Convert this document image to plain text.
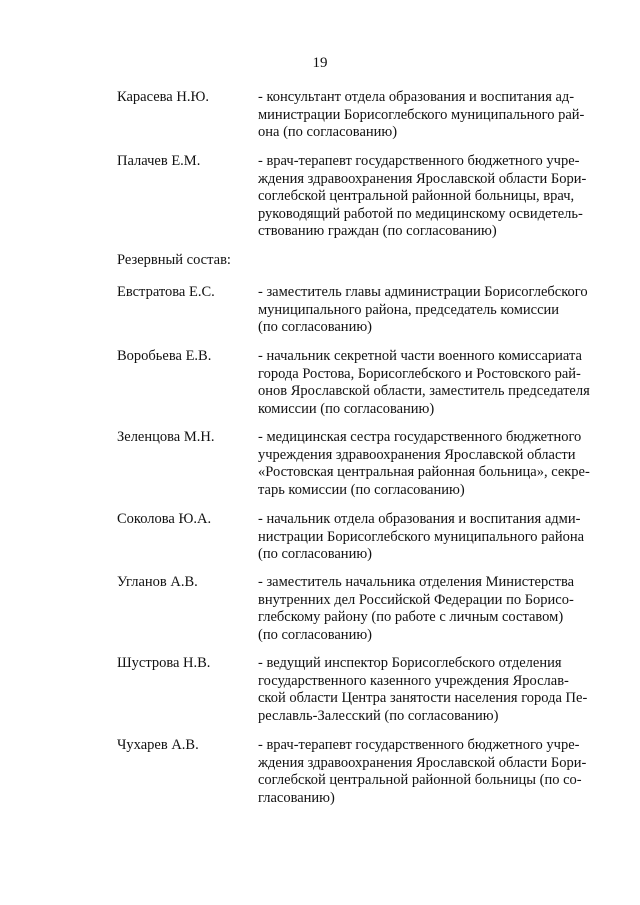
19
Карасева Н.Ю.	- консультант отдела образования и воспитания ад-
министрации Борисоглебского муниципального рай-
она (по согласованию)
Палачев Е.М.	- врач-терапевт государственного бюджетного учре-
ждения здравоохранения Ярославской области Бори-
соглебской центральной районной больницы, врач,
руководящий работой по медицинскому освидетель-
ствованию граждан (по согласованию)
Резервный состав:
Евстратова Е.С.	- заместитель главы администрации Борисоглебского
муниципального района, председатель комиссии
(по согласованию)
Воробьева Е.В.	- начальник секретной части военного комиссариата
города Ростова, Борисоглебского и Ростовского рай-
онов Ярославской области, заместитель председателя
комиссии (по согласованию)
Зеленцова М.Н.	- медицинская сестра государственного бюджетного
учреждения здравоохранения Ярославской области
«Ростовская центральная районная больница», секре-
тарь комиссии (по согласованию)
Соколова Ю.А.	- начальник отдела образования и воспитания адми-
нистрации Борисоглебского муниципального района
(по согласованию)
Угланов А.В.	- заместитель начальника отделения Министерства
внутренних дел Российской Федерации по Борисо-
глебскому району (по работе с личным составом)
(по согласованию)
Шустрова Н.В.	- ведущий инспектор Борисоглебского отделения
государственного казенного учреждения Ярослав-
ской области Центра занятости населения города Пе-
реславль-Залесский (по согласованию)
Чухарев А.В.	- врач-терапевт государственного бюджетного учре-
ждения здравоохранения Ярославской области Бори-
соглебской центральной районной больницы (по со-
гласованию)
